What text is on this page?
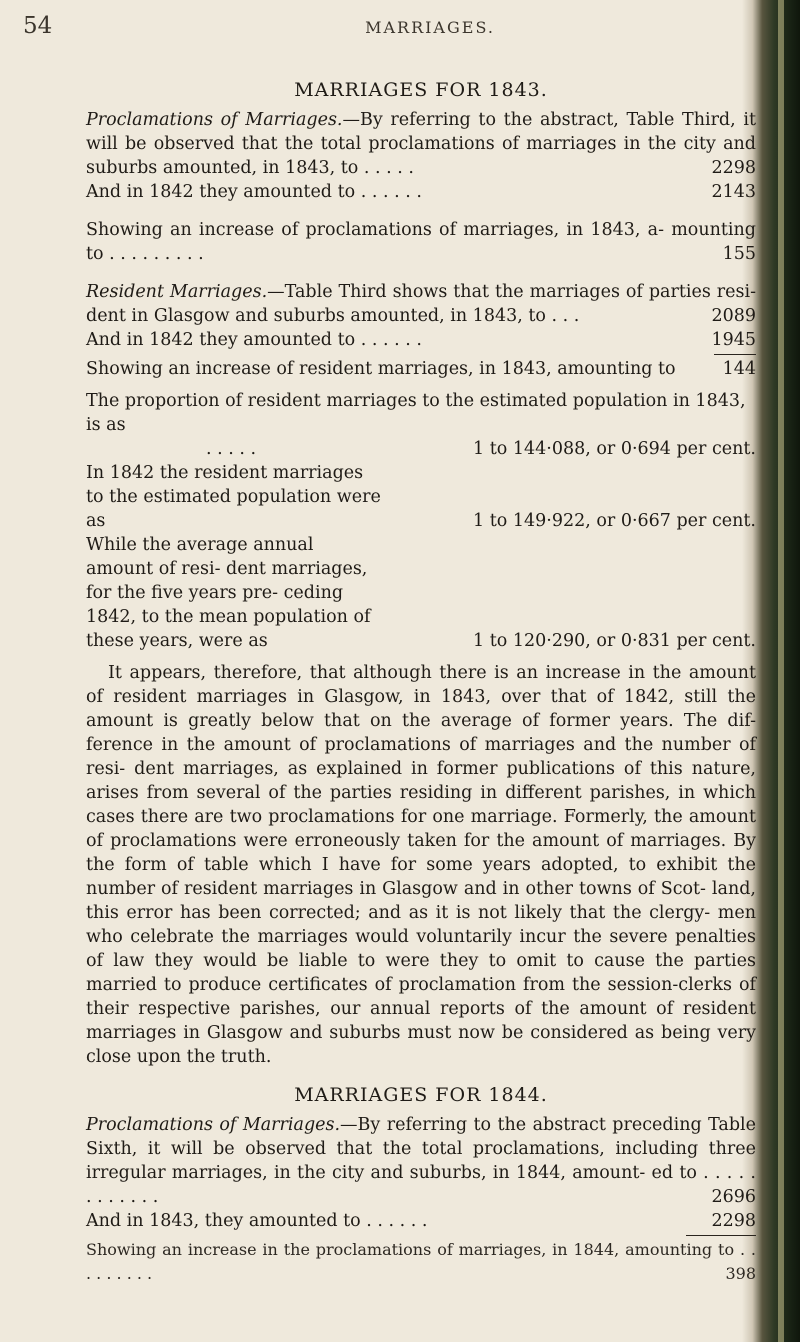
54	MARRIAGES.
MARRIAGES FOR 1843.

Proclamations of Marriages.—By referring to the abstract, Table Third, it will be observed that the total proclamations of marriages in the city and suburbs amounted, in 1843, to . . . . .	2298

And in 1842 they amounted to . . . . . .	2143

Showing an increase of proclamations of marriages, in 1843, a- mounting to . . . . . . . . .	155

Resident Marriages.—Table Third shows that the marriages of parties resi- dent in Glasgow and suburbs amounted, in 1843, to . . .	2089

And in 1842 they amounted to . . . . . .	1945
Showing an increase of resident marriages, in 1843, amounting to	144
The proportion of resident marriages to the estimated population in 1843, is as
. . . . .	1 to 144·088, or 0·694 per cent.
In 1842 the resident marriages to the estimated population were as	1 to 149·922, or 0·667 per cent.
While the average annual amount of resi- dent marriages, for the five years pre- ceding 1842, to the mean population of these years, were as	1 to 120·290, or 0·831 per cent.

It appears, therefore, that although there is an increase in the amount of resident marriages in Glasgow, in 1843, over that of 1842, still the amount is greatly below that on the average of former years. The dif- ference in the amount of proclamations of marriages and the number of resi- dent marriages, as explained in former publications of this nature, arises from several of the parties residing in different parishes, in which cases there are two proclamations for one marriage. Formerly, the amount of proclamations were erroneously taken for the amount of marriages. By the form of table which I have for some years adopted, to exhibit the number of resident marriages in Glasgow and in other towns of Scot- land, this error has been corrected; and as it is not likely that the clergy- men who celebrate the marriages would voluntarily incur the severe penalties of law they would be liable to were they to omit to cause the parties married to produce certificates of proclamation from the session-clerks of their respective parishes, our annual reports of the amount of resident marriages in Glasgow and suburbs must now be considered as being very close upon the truth.

MARRIAGES FOR 1844.

Proclamations of Marriages.—By referring to the abstract preceding Table Sixth, it will be observed that the total proclamations, including three irregular marriages, in the city and suburbs, in 1844, amount- ed to . . . . . . . . . . . .	2696

And in 1843, they amounted to . . . . . .	2298

Showing an increase in the proclamations of marriages, in 1844, amounting to . . . . . . . . .	398
